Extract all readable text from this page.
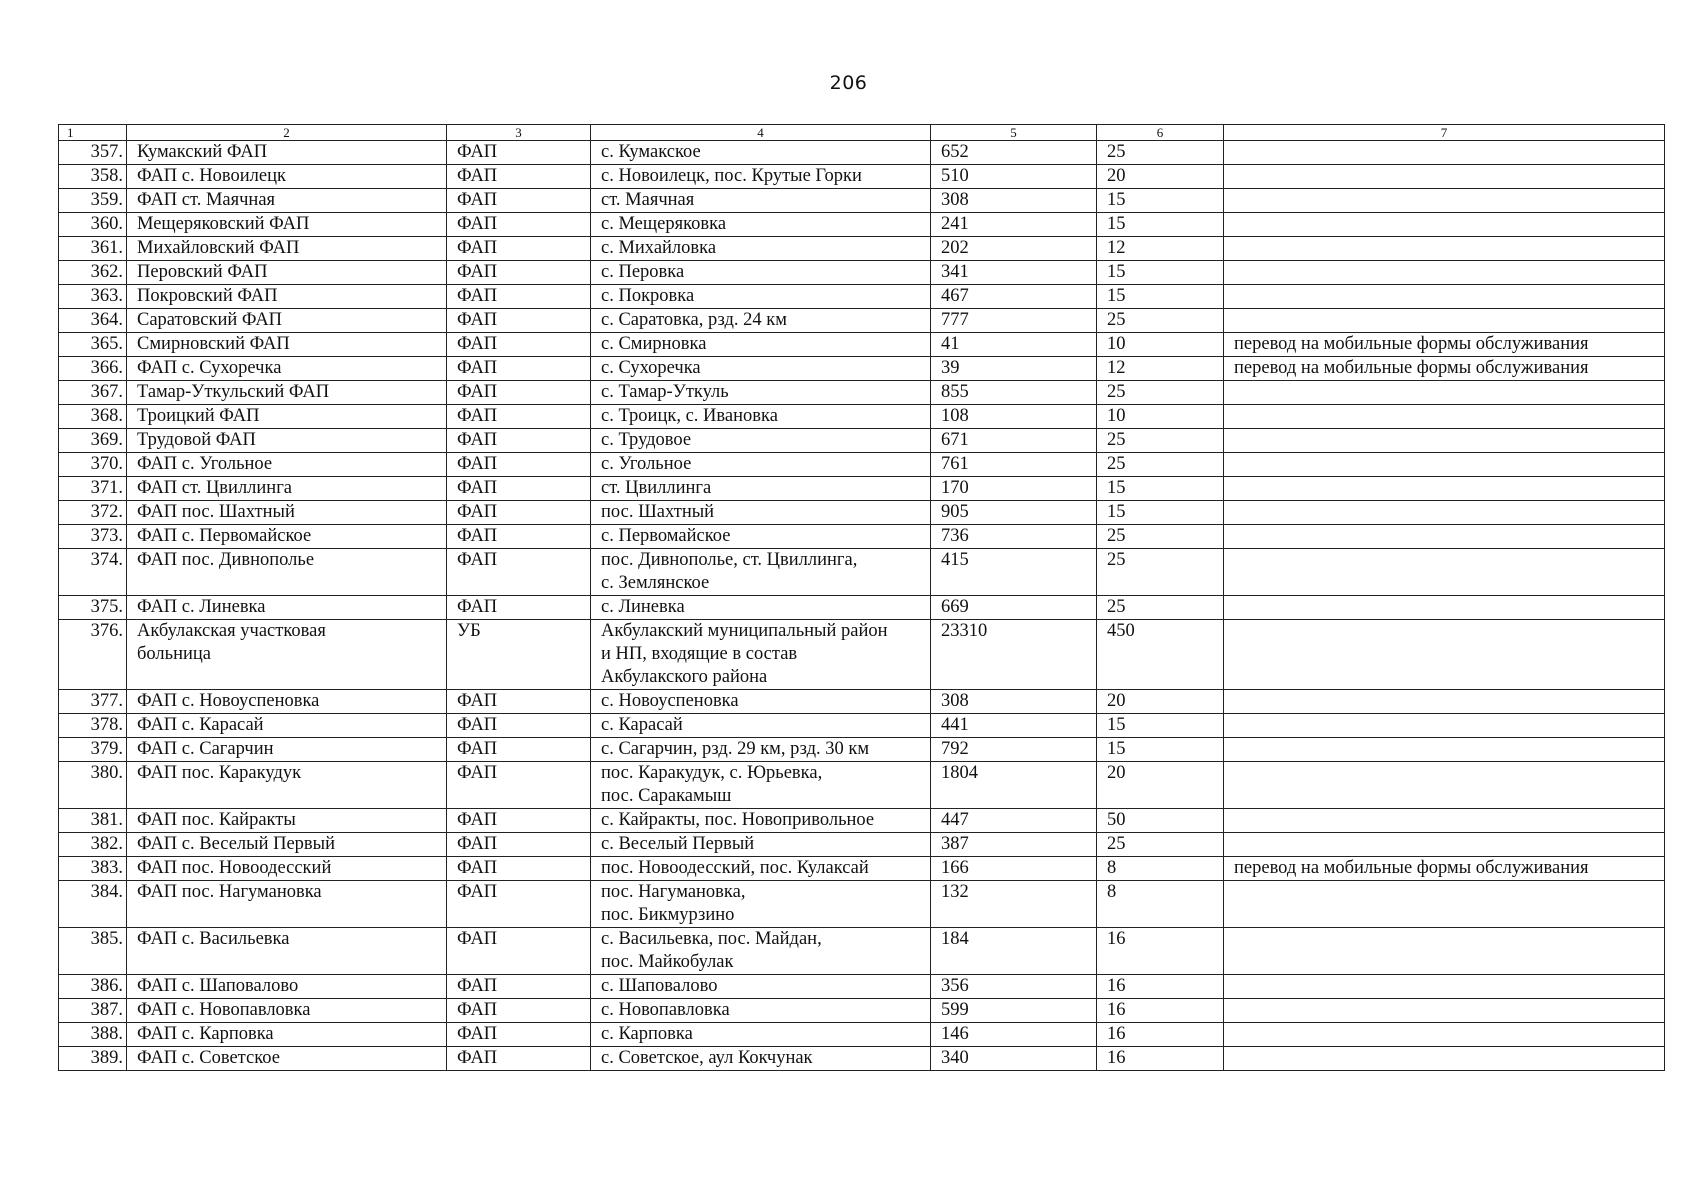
206
1	2	3	4	5	6	7
357.	Кумакский ФАП	ФАП	с. Кумакское	652	25	
358.	ФАП с. Новоилецк	ФАП	с. Новоилецк, пос. Крутые Горки	510	20	
359.	ФАП ст. Маячная	ФАП	ст. Маячная	308	15	
360.	Мещеряковский ФАП	ФАП	с. Мещеряковка	241	15	
361.	Михайловский ФАП	ФАП	с. Михайловка	202	12	
362.	Перовский ФАП	ФАП	с. Перовка	341	15	
363.	Покровский ФАП	ФАП	с. Покровка	467	15	
364.	Саратовский ФАП	ФАП	с. Саратовка, рзд. 24 км	777	25	
365.	Смирновский ФАП	ФАП	с. Смирновка	41	10	перевод на мобильные формы обслуживания
366.	ФАП с. Сухоречка	ФАП	с. Сухоречка	39	12	перевод на мобильные формы обслуживания
367.	Тамар-Уткульский ФАП	ФАП	с. Тамар-Уткуль	855	25	
368.	Троицкий ФАП	ФАП	с. Троицк, с. Ивановка	108	10	
369.	Трудовой ФАП	ФАП	с. Трудовое	671	25	
370.	ФАП с. Угольное	ФАП	с. Угольное	761	25	
371.	ФАП ст. Цвиллинга	ФАП	ст. Цвиллинга	170	15	
372.	ФАП пос. Шахтный	ФАП	пос. Шахтный	905	15	
373.	ФАП с. Первомайское	ФАП	с. Первомайское	736	25	
374.	ФАП пос. Дивнополье	ФАП	пос. Дивнополье, ст. Цвиллинга,
с. Землянское	415	25	
375.	ФАП с. Линевка	ФАП	с. Линевка	669	25	
376.	Акбулакская участковая
больница	УБ	Акбулакский муниципальный район
и НП, входящие в состав
Акбулакского района	23310	450	
377.	ФАП с. Новоуспеновка	ФАП	с. Новоуспеновка	308	20	
378.	ФАП с. Карасай	ФАП	с. Карасай	441	15	
379.	ФАП с. Сагарчин	ФАП	с. Сагарчин, рзд. 29 км, рзд. 30 км	792	15	
380.	ФАП пос. Каракудук	ФАП	пос. Каракудук, с. Юрьевка,
пос. Саракамыш	1804	20	
381.	ФАП пос. Кайракты	ФАП	с. Кайракты, пос. Новопривольное	447	50	
382.	ФАП с. Веселый Первый	ФАП	с. Веселый Первый	387	25	
383.	ФАП пос. Новоодесский	ФАП	пос. Новоодесский, пос. Кулаксай	166	8	перевод на мобильные формы обслуживания
384.	ФАП пос. Нагумановка	ФАП	пос. Нагумановка,
пос. Бикмурзино	132	8	
385.	ФАП с. Васильевка	ФАП	с. Васильевка, пос. Майдан,
пос. Майкобулак	184	16	
386.	ФАП с. Шаповалово	ФАП	с. Шаповалово	356	16	
387.	ФАП с. Новопавловка	ФАП	с. Новопавловка	599	16	
388.	ФАП с. Карповка	ФАП	с. Карповка	146	16	
389.	ФАП с. Советское	ФАП	с. Советское, аул Кокчунак	340	16	
